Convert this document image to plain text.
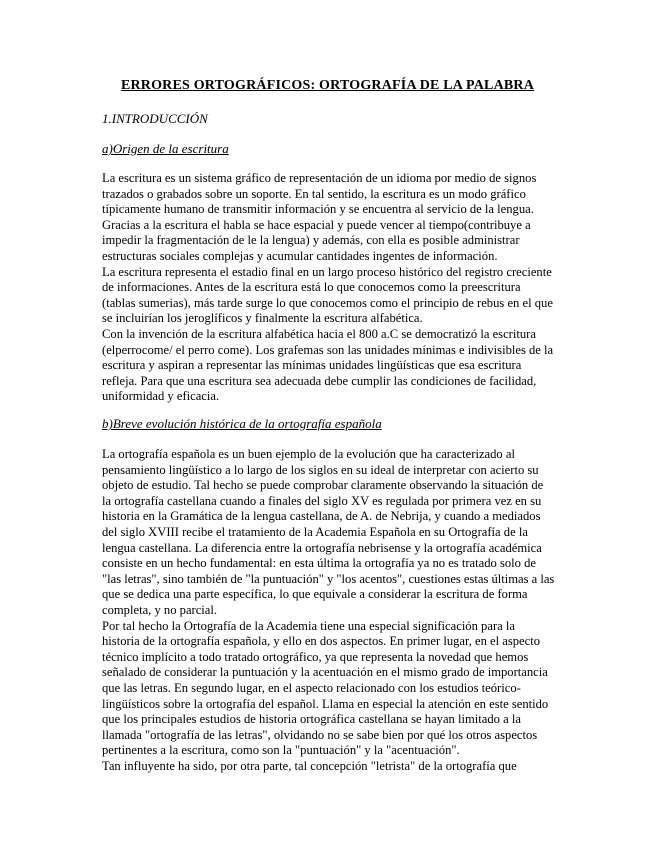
ERRORES ORTOGRÁFICOS: ORTOGRAFÍA DE LA PALABRA
1.INTRODUCCIÓN
a)Origen de la escritura
La escritura es un sistema gráfico de representación de un idioma por medio de signos
trazados o grabados sobre un soporte. En tal sentido, la escritura es un modo gráfico
típicamente humano de transmitir información y se encuentra al servicio de la lengua.
Gracias a la escritura el habla se hace espacial y puede vencer al tiempo(contribuye a
impedir la fragmentación de le la lengua) y además, con ella es posible administrar
estructuras sociales complejas y acumular cantidades ingentes de información.
La escritura representa el estadio final en un largo proceso histórico del registro creciente
de informaciones. Antes de la escritura está lo que conocemos como la preescritura
(tablas sumerias), más tarde surge lo que conocemos como el principio de rebus en el que
se incluirían los jeroglíficos y finalmente la escritura alfabética.
Con la invención de la escritura alfabética hacia el 800 a.C se democratizó la escritura
(elperrocome/ el perro come). Los grafemas son las unidades mínimas e indivisibles de la
escritura y aspiran a representar las mínimas unidades lingüísticas que esa escritura
refleja. Para que una escritura sea adecuada debe cumplir las condiciones de facilidad,
uniformidad y eficacia.
b)Breve evolución histórica de la ortografía española
La ortografía española es un buen ejemplo de la evolución que ha caracterizado al
pensamiento lingüístico a lo largo de los siglos en su ideal de interpretar con acierto su
objeto de estudio. Tal hecho se puede comprobar claramente observando la situación de
la ortografía castellana cuando a finales del siglo XV es regulada por primera vez en su
historia en la Gramática de la lengua castellana, de A. de Nebrija, y cuando a mediados
del siglo XVIII recibe el tratamiento de la Academia Española en su Ortografía de la
lengua castellana. La diferencia entre la ortografía nebrisense y la ortografía académica
consiste en un hecho fundamental: en esta última la ortografía ya no es tratado solo de
"las letras", sino también de "la puntuación" y "los acentos", cuestiones estas últimas a las
que se dedica una parte específica, lo que equivale a considerar la escritura de forma
completa, y no parcial.
Por tal hecho la Ortografía de la Academia tiene una especial significación para la
historia de la ortografía española, y ello en dos aspectos. En primer lugar, en el aspecto
técnico implícito a todo tratado ortográfico, ya que representa la novedad que hemos
señalado de considerar la puntuación y la acentuación en el mismo grado de importancia
que las letras. En segundo lugar, en el aspecto relacionado con los estudios teórico-
lingüísticos sobre la ortografía del español. Llama en especial la atención en este sentido
que los principales estudios de historia ortográfica castellana se hayan limitado a la
llamada "ortografía de las letras", olvidando no se sabe bien por qué los otros aspectos
pertinentes a la escritura, como son la "puntuación" y la "acentuación".
Tan influyente ha sido, por otra parte, tal concepción "letrista" de la ortografía que
